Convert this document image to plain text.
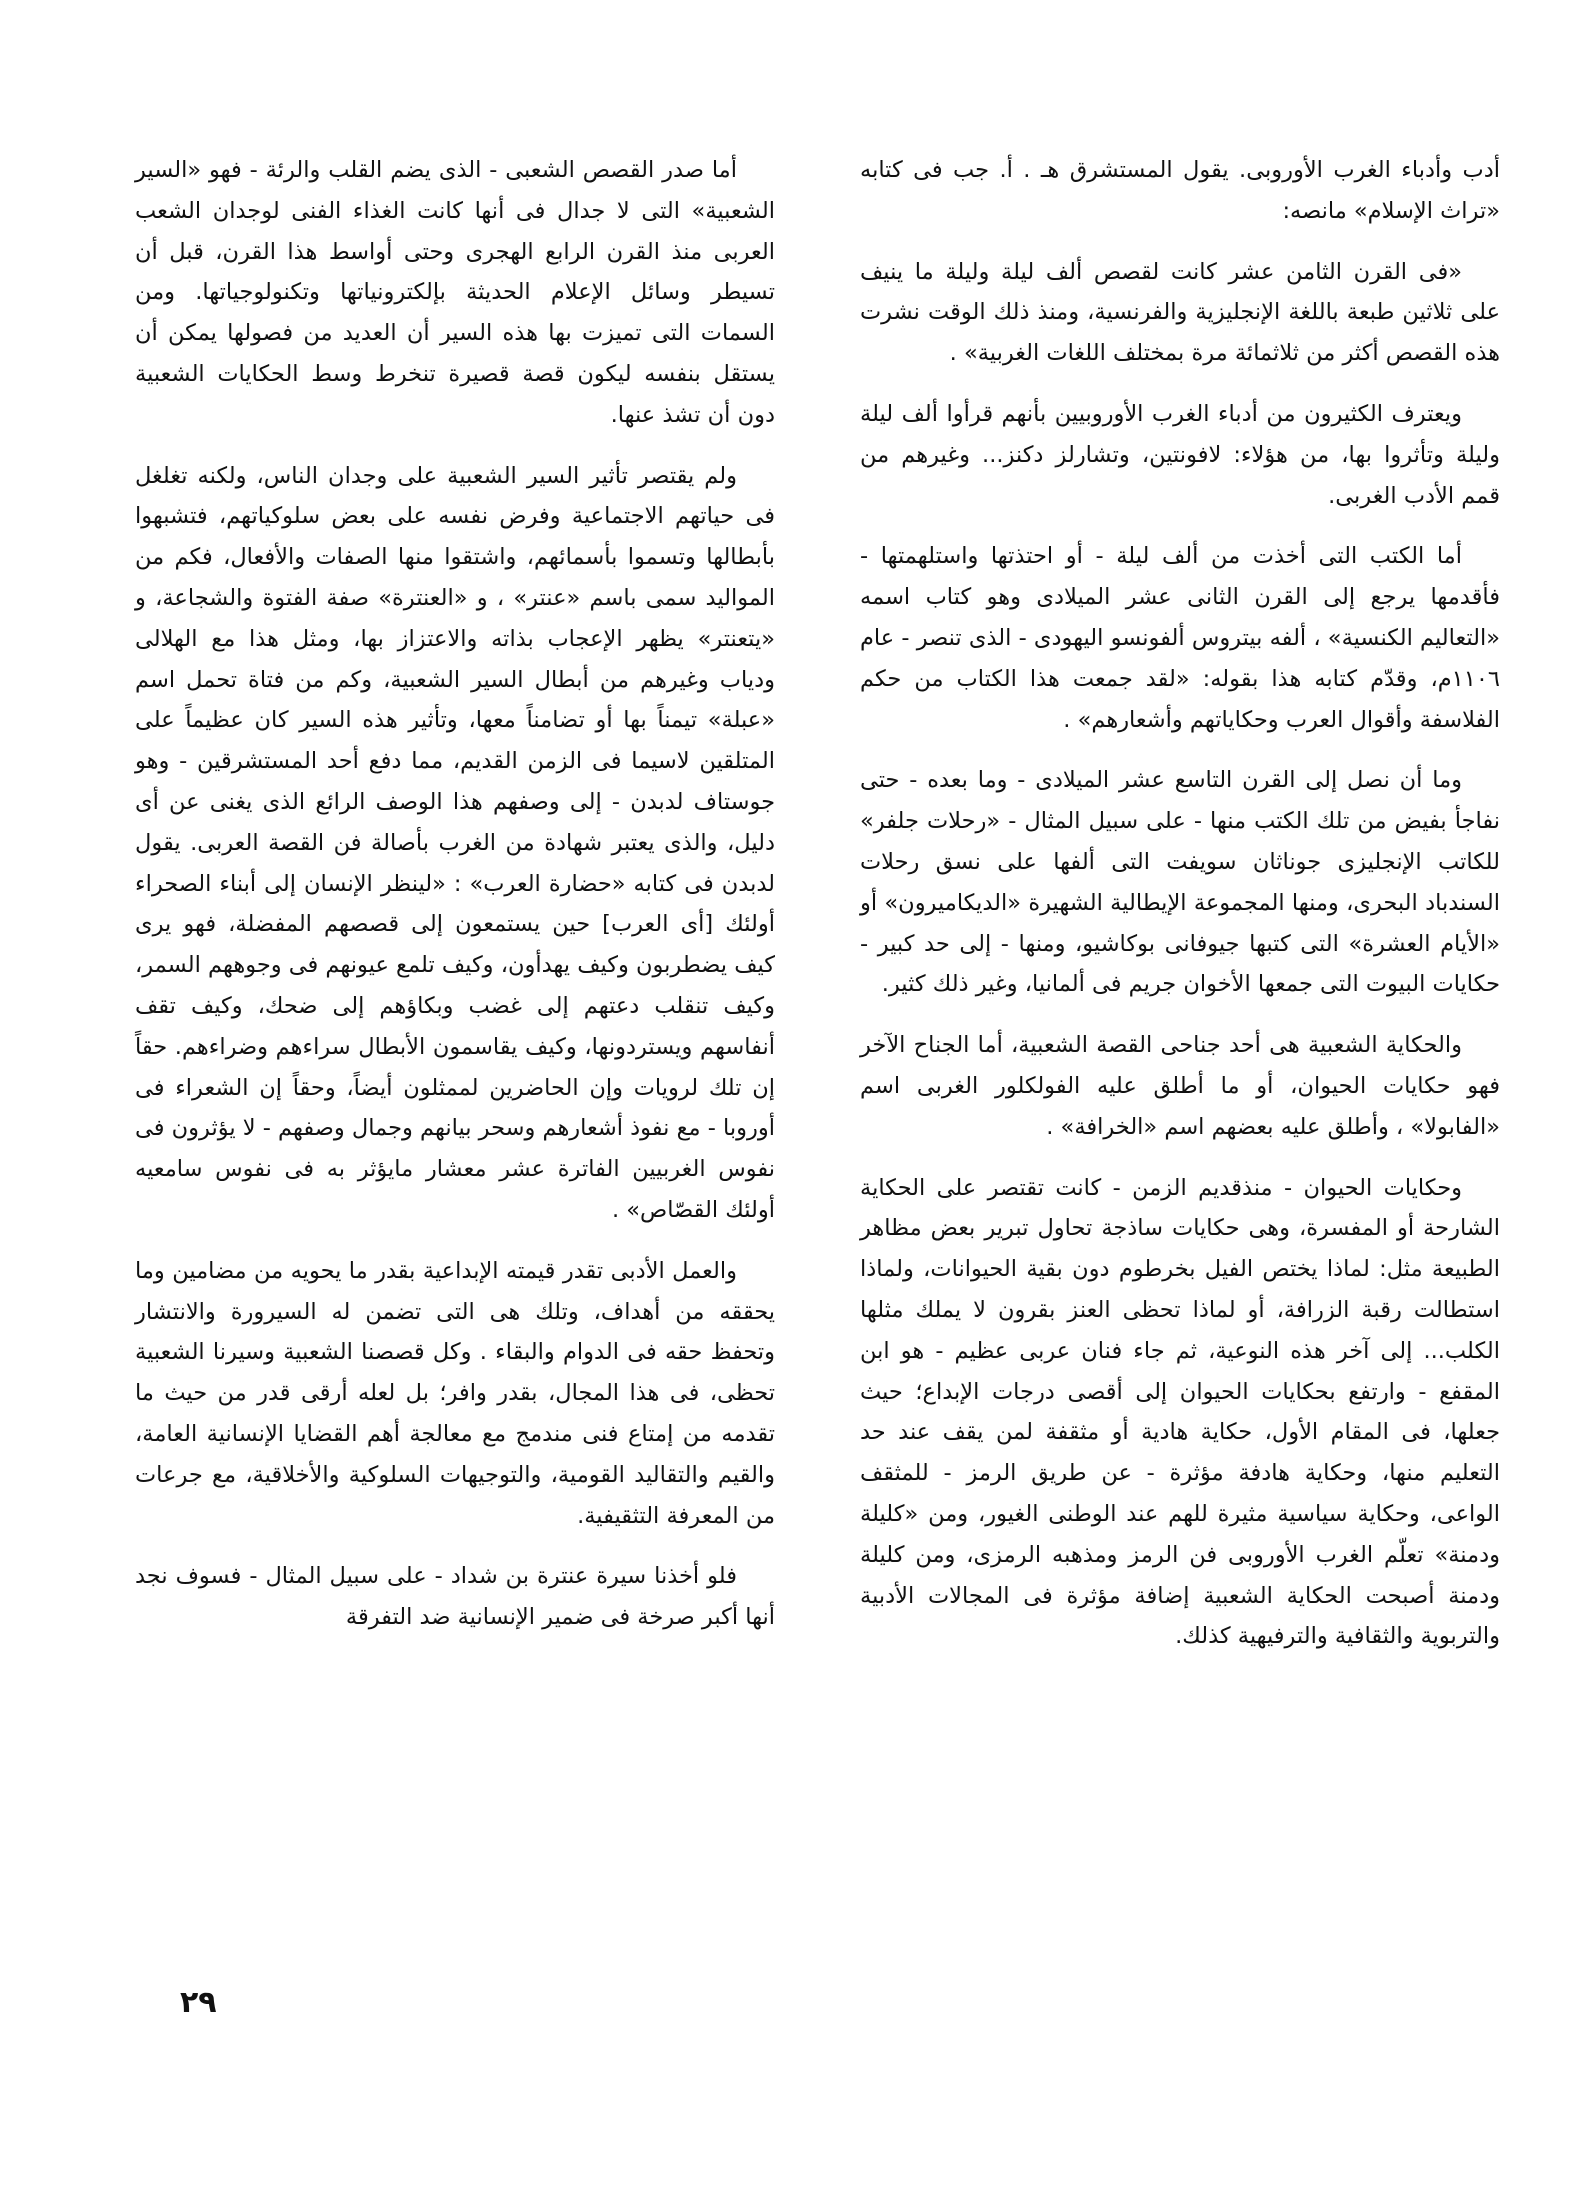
أدب وأدباء الغرب الأوروبى. يقول المستشرق هـ . أ. جب فى كتابه «تراث الإسلام» مانصه:

«فى القرن الثامن عشر كانت لقصص ألف ليلة وليلة ما ينيف على ثلاثين طبعة باللغة الإنجليزية والفرنسية، ومنذ ذلك الوقت نشرت هذه القصص أكثر من ثلاثمائة مرة بمختلف اللغات الغربية» .

ويعترف الكثيرون من أدباء الغرب الأوروبيين بأنهم قرأوا ألف ليلة وليلة وتأثروا بها، من هؤلاء: لافونتين، وتشارلز دكنز... وغيرهم من قمم الأدب الغربى.

أما الكتب التى أخذت من ألف ليلة - أو احتذتها واستلهمتها - فأقدمها يرجع إلى القرن الثانى عشر الميلادى وهو كتاب اسمه «التعاليم الكنسية» ، ألفه بيتروس ألفونسو اليهودى - الذى تنصر - عام ١١٠٦م، وقدّم كتابه هذا بقوله: «لقد جمعت هذا الكتاب من حكم الفلاسفة وأقوال العرب وحكاياتهم وأشعارهم» .

وما أن نصل إلى القرن التاسع عشر الميلادى - وما بعده - حتى نفاجأ بفيض من تلك الكتب منها - على سبيل المثال - «رحلات جلفر» للكاتب الإنجليزى جوناثان سويفت التى ألفها على نسق رحلات السندباد البحرى، ومنها المجموعة الإيطالية الشهيرة «الديكاميرون» أو «الأيام العشرة» التى كتبها جيوفانى بوكاشيو، ومنها - إلى حد كبير - حكايات البيوت التى جمعها الأخوان جريم فى ألمانيا، وغير ذلك كثير.

والحكاية الشعبية هى أحد جناحى القصة الشعبية، أما الجناح الآخر فهو حكايات الحيوان، أو ما أطلق عليه الفولكلور الغربى اسم «الفابولا» ، وأطلق عليه بعضهم اسم «الخرافة» .

وحكايات الحيوان - منذقديم الزمن - كانت تقتصر على الحكاية الشارحة أو المفسرة، وهى حكايات ساذجة تحاول تبرير بعض مظاهر الطبيعة مثل: لماذا يختص الفيل بخرطوم دون بقية الحيوانات، ولماذا استطالت رقبة الزرافة، أو لماذا تحظى العنز بقرون لا يملك مثلها الكلب... إلى آخر هذه النوعية، ثم جاء فنان عربى عظيم - هو ابن المقفع - وارتفع بحكايات الحيوان إلى أقصى درجات الإبداع؛ حيث جعلها، فى المقام الأول، حكاية هادية أو مثقفة لمن يقف عند حد التعليم منها، وحكاية هادفة مؤثرة - عن طريق الرمز - للمثقف الواعى، وحكاية سياسية مثيرة للهم عند الوطنى الغيور، ومن «كليلة ودمنة» تعلّم الغرب الأوروبى فن الرمز ومذهبه الرمزى، ومن كليلة ودمنة أصبحت الحكاية الشعبية إضافة مؤثرة فى المجالات الأدبية والتربوية والثقافية والترفيهية كذلك.

أما صدر القصص الشعبى - الذى يضم القلب والرئة - فهو «السير الشعبية» التى لا جدال فى أنها كانت الغذاء الفنى لوجدان الشعب العربى منذ القرن الرابع الهجرى وحتى أواسط هذا القرن، قبل أن تسيطر وسائل الإعلام الحديثة بإلكترونياتها وتكنولوجياتها. ومن السمات التى تميزت بها هذه السير أن العديد من فصولها يمكن أن يستقل بنفسه ليكون قصة قصيرة تنخرط وسط الحكايات الشعبية دون أن تشذ عنها.

ولم يقتصر تأثير السير الشعبية على وجدان الناس، ولكنه تغلغل فى حياتهم الاجتماعية وفرض نفسه على بعض سلوكياتهم، فتشبهوا بأبطالها وتسموا بأسمائهم، واشتقوا منها الصفات والأفعال، فكم من المواليد سمى باسم «عنتر» ، و «العنترة» صفة الفتوة والشجاعة، و «يتعنتر» يظهر الإعجاب بذاته والاعتزاز بها، ومثل هذا مع الهلالى ودياب وغيرهم من أبطال السير الشعبية، وكم من فتاة تحمل اسم «عبلة» تيمناً بها أو تضامناً معها، وتأثير هذه السير كان عظيماً على المتلقين لاسيما فى الزمن القديم، مما دفع أحد المستشرقين - وهو جوستاف لدبدن - إلى وصفهم هذا الوصف الرائع الذى يغنى عن أى دليل، والذى يعتبر شهادة من الغرب بأصالة فن القصة العربى. يقول لدبدن فى كتابه «حضارة العرب» : «لينظر الإنسان إلى أبناء الصحراء أولئك [أى العرب] حين يستمعون إلى قصصهم المفضلة، فهو يرى كيف يضطربون وكيف يهدأون، وكيف تلمع عيونهم فى وجوههم السمر، وكيف تنقلب دعتهم إلى غضب وبكاؤهم إلى ضحك، وكيف تقف أنفاسهم ويستردونها، وكيف يقاسمون الأبطال سراءهم وضراءهم. حقاً إن تلك لرويات وإن الحاضرين لممثلون أيضاً، وحقاً إن الشعراء فى أوروبا - مع نفوذ أشعارهم وسحر بيانهم وجمال وصفهم - لا يؤثرون فى نفوس الغربيين الفاترة عشر معشار مايؤثر به فى نفوس سامعيه أولئك القصّاص» .

والعمل الأدبى تقدر قيمته الإبداعية بقدر ما يحويه من مضامين وما يحققه من أهداف، وتلك هى التى تضمن له السيرورة والانتشار وتحفظ حقه فى الدوام والبقاء . وكل قصصنا الشعبية وسيرنا الشعبية تحظى، فى هذا المجال، بقدر وافر؛ بل لعله أرقى قدر من حيث ما تقدمه من إمتاع فنى مندمج مع معالجة أهم القضايا الإنسانية العامة، والقيم والتقاليد القومية، والتوجيهات السلوكية والأخلاقية، مع جرعات من المعرفة التثقيفية.

فلو أخذنا سيرة عنترة بن شداد - على سبيل المثال - فسوف نجد أنها أكبر صرخة فى ضمير الإنسانية ضد التفرقة

٢٩
